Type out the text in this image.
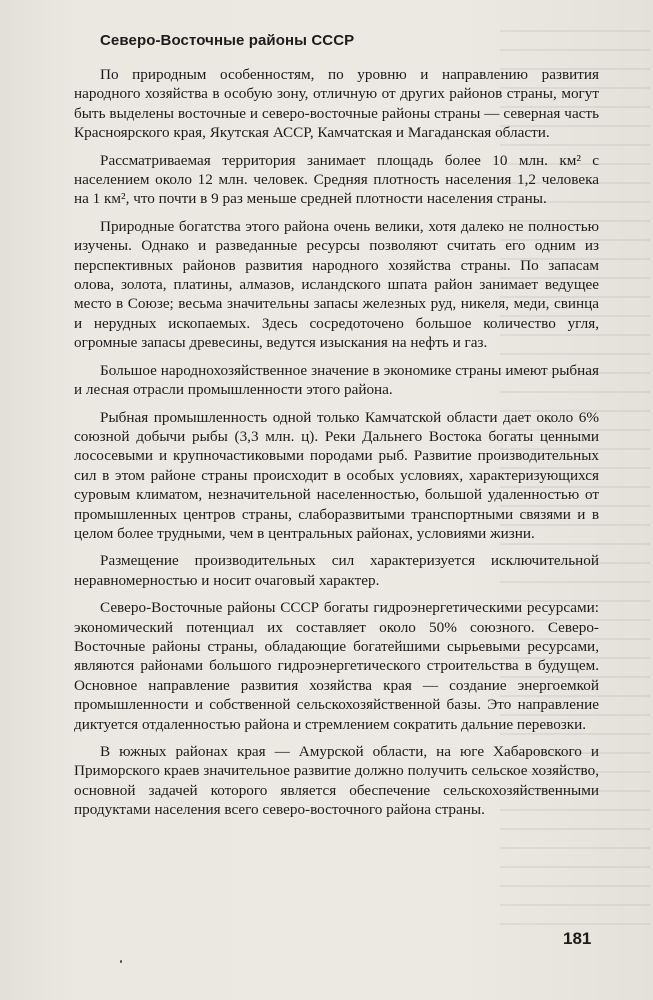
Северо-Восточные районы СССР

По природным особенностям, по уровню и направлению развития народного хозяйства в особую зону, отличную от других районов страны, могут быть выделены восточные и северо-восточные районы страны — северная часть Красноярского края, Якутская АССР, Камчатская и Магаданская области.

Рассматриваемая территория занимает площадь более 10 млн. км² с населением около 12 млн. человек. Средняя плотность населения 1,2 человека на 1 км², что почти в 9 раз меньше средней плотности населения страны.

Природные богатства этого района очень велики, хотя далеко не полностью изучены. Однако и разведанные ресурсы позволяют считать его одним из перспективных районов развития народного хозяйства страны. По запасам олова, золота, платины, алмазов, исландского шпата район занимает ведущее место в Союзе; весьма значительны запасы железных руд, никеля, меди, свинца и нерудных ископаемых. Здесь сосредоточено большое количество угля, огромные запасы древесины, ведутся изыскания на нефть и газ.

Большое народнохозяйственное значение в экономике страны имеют рыбная и лесная отрасли промышленности этого района.

Рыбная промышленность одной только Камчатской области дает около 6% союзной добычи рыбы (3,3 млн. ц). Реки Дальнего Востока богаты ценными лососевыми и крупночастиковыми породами рыб. Развитие производительных сил в этом районе страны происходит в особых условиях, характеризующихся суровым климатом, незначительной населенностью, большой удаленностью от промышленных центров страны, слаборазвитыми транспортными связями и в целом более трудными, чем в центральных районах, условиями жизни.

Размещение производительных сил характеризуется исключительной неравномерностью и носит очаговый характер.

Северо-Восточные районы СССР богаты гидроэнергетическими ресурсами: экономический потенциал их составляет около 50% союзного. Северо-Восточные районы страны, обладающие богатейшими сырьевыми ресурсами, являются районами большого гидроэнергетического строительства в будущем. Основное направление развития хозяйства края — создание энергоемкой промышленности и собственной сельскохозяйственной базы. Это направление диктуется отдаленностью района и стремлением сократить дальние перевозки.

В южных районах края — Амурской области, на юге Хабаровского и Приморского краев значительное развитие должно получить сельское хозяйство, основной задачей которого является обеспечение сельскохозяйственными продуктами населения всего северо-восточного района страны.

181
